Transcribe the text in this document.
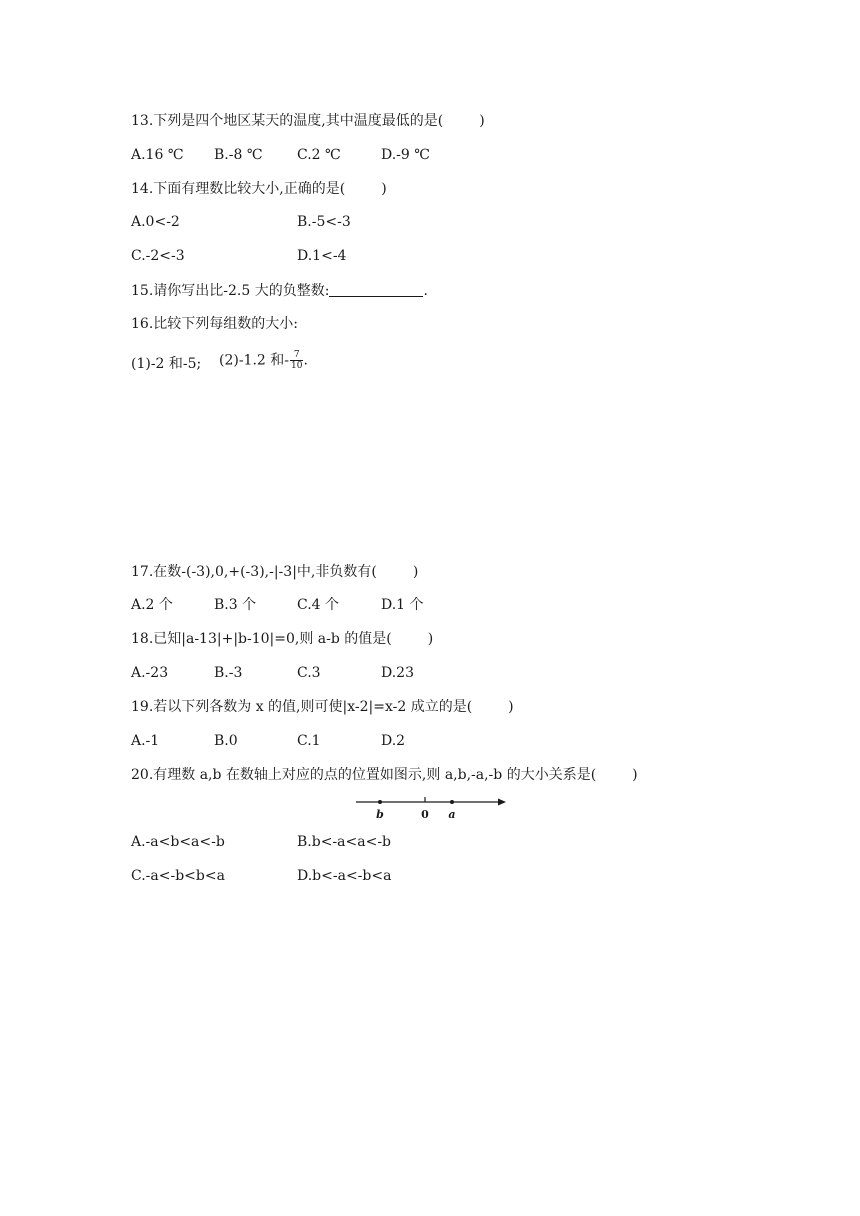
13.下列是四个地区某天的温度,其中温度最低的是(	)
A.16 ℃ B.-8 ℃ C.2 ℃	D.-9 ℃
14.下面有理数比较大小,正确的是(	)
A.0<-2	B.-5<-3
C.-2<-3	D.1<-4
15.请你写出比-2.5 大的负整数:	.
16.比较下列每组数的大小:
(1)-2 和-5; (2)-1.2 和- $\frac{7}{10}$ .
17.在数-(-3),0,+(-3),-|-3|中,非负数有(	)
A.2 个	B.3 个	C.4 个	D.1 个
18.已知|a-13|+|b-10|=0,则 a-b 的值是(	)
A.-23	B.-3	C.3	D.23
19.若以下列各数为 x 的值,则可使|x-2|=x-2 成立的是(	)
A.-1	B.0	C.1	D.2
20.有理数 a,b 在数轴上对应的点的位置如图示,则 a,b,-a,-b 的大小关系是(	)
b	0 a
A.-a<b<a<-b	B.b<-a<a<-b
C.-a<-b<b<a	D.b<-a<-b<a
